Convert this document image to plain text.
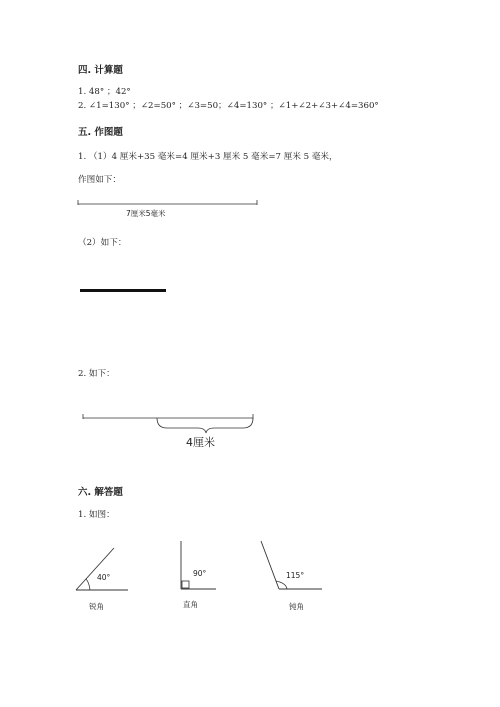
四. 计算题
1. 48° ；42°
2. ∠1=130° ；∠2=50° ；∠3=50；∠4=130° ；∠1+∠2+∠3+∠4=360°
五. 作图题
1. （1）4 厘米+35 毫米=4 厘米+3 厘米 5 毫米=7 厘米 5 毫米，
作图如下：
7厘米5毫米
（2）如下：
2. 如下：
4厘米
六. 解答题
1. 如图：
40°	90°	115°
锐角	直角	钝角
